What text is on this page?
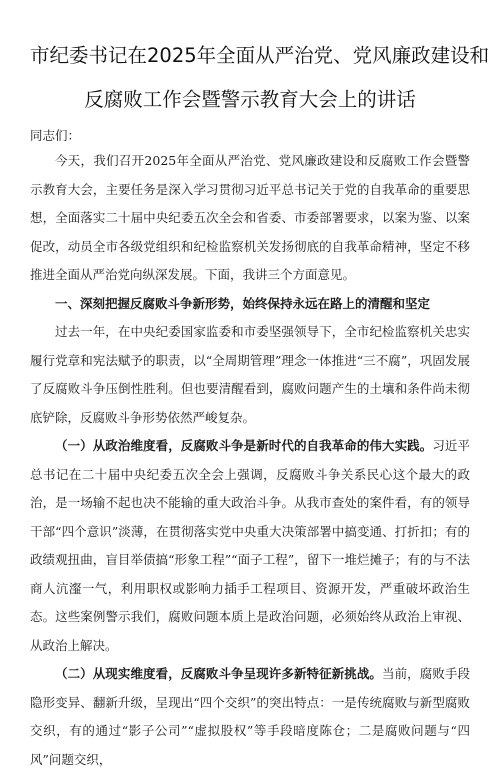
市纪委书记在2025年全面从严治党、党风廉政建设和
反腐败工作会暨警示教育大会上的讲话
同志们：

今天，我们召开2025年全面从严治党、党风廉政建设和反腐败工作会暨警示教育大会，主要任务是深入学习贯彻习近平总书记关于党的自我革命的重要思想，全面落实二十届中央纪委五次全会和省委、市委部署要求，以案为鉴、以案促改，动员全市各级党组织和纪检监察机关发扬彻底的自我革命精神，坚定不移推进全面从严治党向纵深发展。下面，我讲三个方面意见。

一、深刻把握反腐败斗争新形势，始终保持永远在路上的清醒和坚定

过去一年，在中央纪委国家监委和市委坚强领导下，全市纪检监察机关忠实履行党章和宪法赋予的职责，以“全周期管理”理念一体推进“三不腐”，巩固发展了反腐败斗争压倒性胜利。但也要清醒看到，腐败问题产生的土壤和条件尚未彻底铲除，反腐败斗争形势依然严峻复杂。

（一）从政治维度看，反腐败斗争是新时代的自我革命的伟大实践。习近平总书记在二十届中央纪委五次全会上强调，反腐败斗争关系民心这个最大的政治，是一场输不起也决不能输的重大政治斗争。从我市查处的案件看，有的领导干部“四个意识”淡薄，在贯彻落实党中央重大决策部署中搞变通、打折扣；有的政绩观扭曲，盲目举债搞“形象工程”“面子工程”，留下一堆烂摊子；有的与不法商人沆瀣一气，利用职权或影响力插手工程项目、资源开发，严重破坏政治生态。这些案例警示我们，腐败问题本质上是政治问题，必须始终从政治上审视、从政治上解决。

（二）从现实维度看，反腐败斗争呈现许多新特征新挑战。当前，腐败手段隐形变异、翻新升级，呈现出“四个交织”的突出特点：一是传统腐败与新型腐败交织，有的通过“影子公司”“虚拟股权”等手段暗度陈仓；二是腐败问题与“四风”问题交织，
